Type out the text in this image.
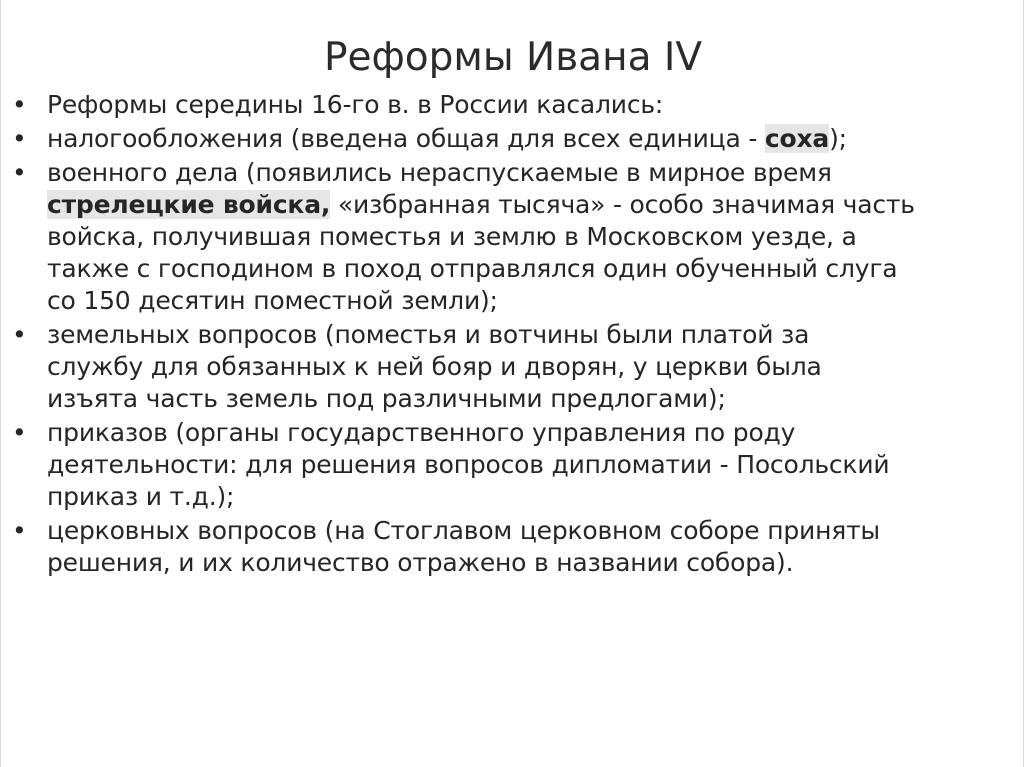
Реформы Ивана IV
• Реформы середины 16-го в. в России касались:
• налогообложения (введена общая для всех единица - соха);
• военного дела (появились нераспускаемые в мирное время
стрелецкие войска, «избранная тысяча» - особо значимая часть
войска, получившая поместья и землю в Московском уезде, а
также с господином в поход отправлялся один обученный слуга
со 150 десятин поместной земли);
• земельных вопросов (поместья и вотчины были платой за
службу для обязанных к ней бояр и дворян, у церкви была
изъята часть земель под различными предлогами);
• приказов (органы государственного управления по роду
деятельности: для решения вопросов дипломатии - Посольский
приказ и т.д.);
• церковных вопросов (на Стоглавом церковном соборе приняты
решения, и их количество отражено в названии собора).
